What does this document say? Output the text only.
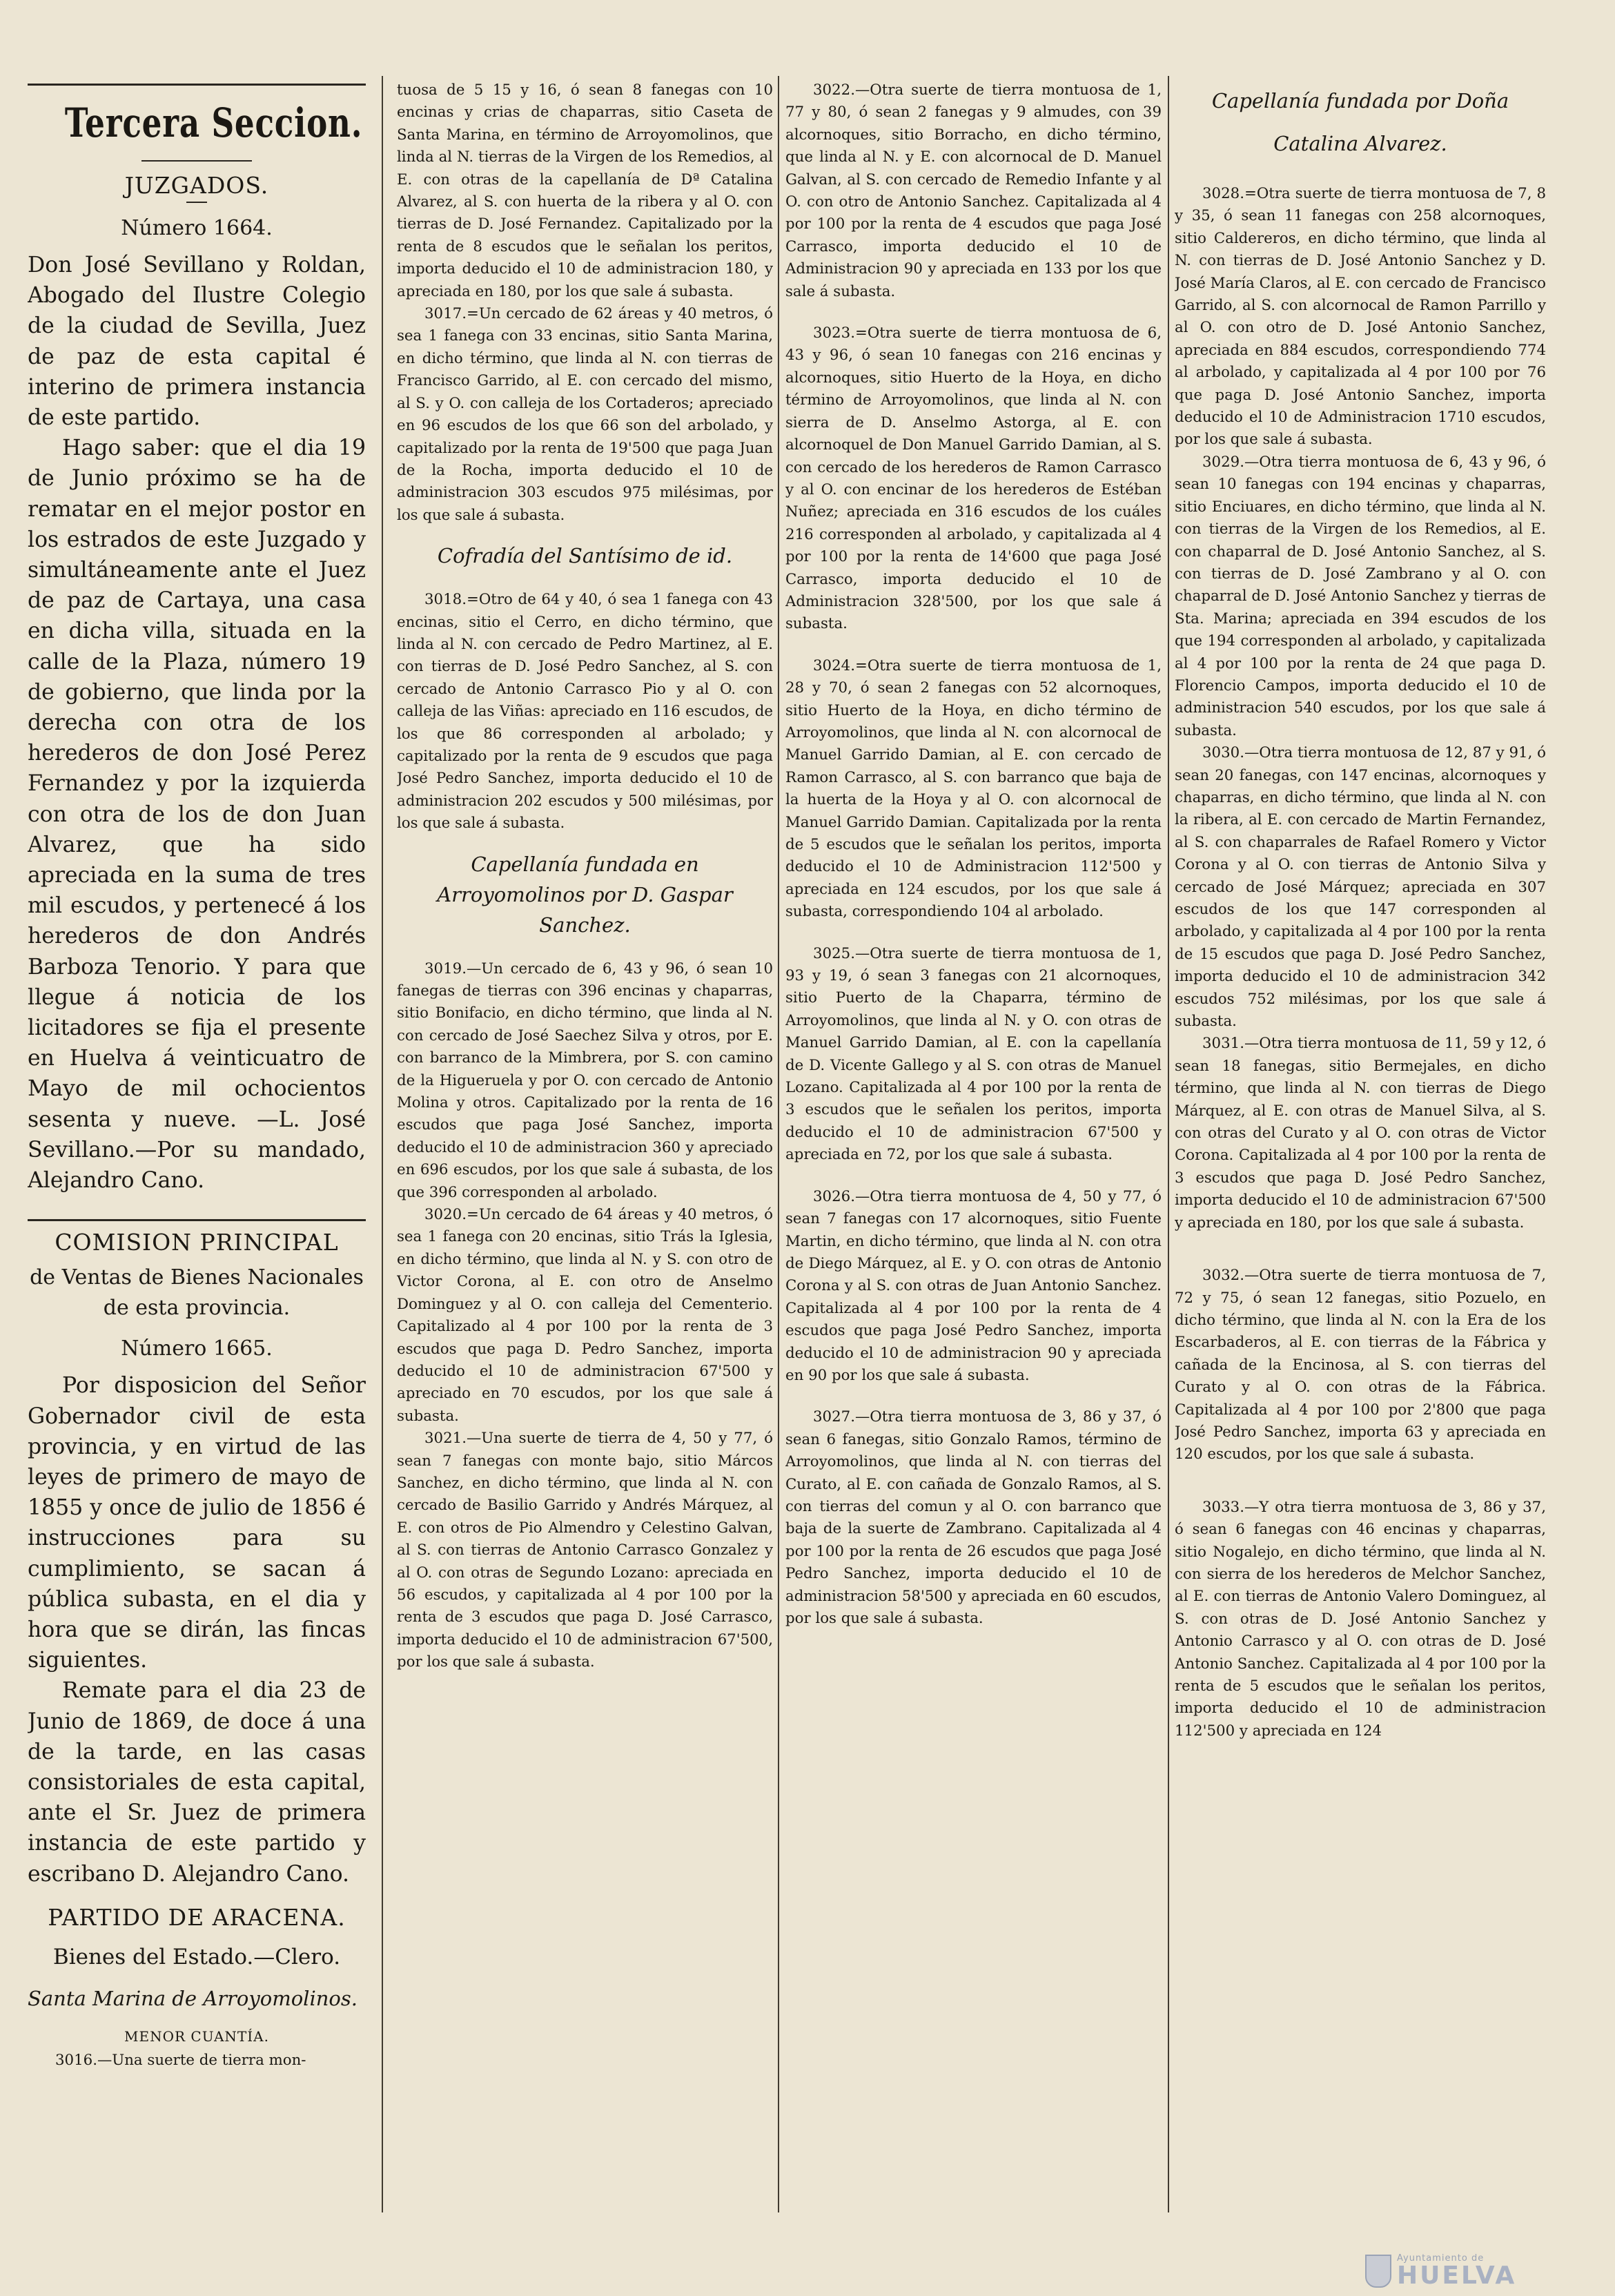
Tercera Seccion.

JUZGADOS.

Número 1664.

Don José Sevillano y Roldan, Abogado del Ilustre Colegio de la ciudad de Sevilla, Juez de paz de esta capital é interino de primera instancia de este partido.

Hago saber: que el dia 19 de Junio próximo se ha de rematar en el mejor postor en los estrados de este Juzgado y simultáneamente ante el Juez de paz de Cartaya, una casa en dicha villa, situada en la calle de la Plaza, número 19 de gobierno, que linda por la derecha con otra de los herederos de don José Perez Fernandez y por la izquierda con otra de los de don Juan Alvarez, que ha sido apreciada en la suma de tres mil escudos, y pertenecé á los herederos de don Andrés Barboza Tenorio. Y para que llegue á noticia de los licitadores se fija el presente en Huelva á veinticuatro de Mayo de mil ochocientos sesenta y nueve. —L. José Sevillano.—Por su mandado, Alejandro Cano.

COMISION PRINCIPAL

de Ventas de Bienes Nacionales de esta provincia.

Número 1665.

Por disposicion del Señor Gobernador civil de esta provincia, y en virtud de las leyes de primero de mayo de 1855 y once de julio de 1856 é instrucciones para su cumplimiento, se sacan á pública subasta, en el dia y hora que se dirán, las fincas siguientes.

Remate para el dia 23 de Junio de 1869, de doce á una de la tarde, en las casas consistoriales de esta capital, ante el Sr. Juez de primera instancia de este partido y escribano D. Alejandro Cano.

PARTIDO DE ARACENA.

Bienes del Estado.—Clero.

Santa Marina de Arroyomolinos.

MENOR CUANTÍA.

3016.—Una suerte de tierra mon-

tuosa de 5 15 y 16, ó sean 8 fanegas con 10 encinas y crias de chaparras, sitio Caseta de Santa Marina, en término de Arroyomolinos, que linda al N. tierras de la Virgen de los Remedios, al E. con otras de la capellanía de Dª Catalina Alvarez, al S. con huerta de la ribera y al O. con tierras de D. José Fernandez. Capitalizado por la renta de 8 escudos que le señalan los peritos, importa deducido el 10 de administracion 180, y apreciada en 180, por los que sale á subasta.

3017.=Un cercado de 62 áreas y 40 metros, ó sea 1 fanega con 33 encinas, sitio Santa Marina, en dicho término, que linda al N. con tierras de Francisco Garrido, al E. con cercado del mismo, al S. y O. con calleja de los Cortaderos; apreciado en 96 escudos de los que 66 son del arbolado, y capitalizado por la renta de 19'500 que paga Juan de la Rocha, importa deducido el 10 de administracion 303 escudos 975 milésimas, por los que sale á subasta.

Cofradía del Santísimo de id.

3018.=Otro de 64 y 40, ó sea 1 fanega con 43 encinas, sitio el Cerro, en dicho término, que linda al N. con cercado de Pedro Martinez, al E. con tierras de D. José Pedro Sanchez, al S. con cercado de Antonio Carrasco Pio y al O. con calleja de las Viñas: apreciado en 116 escudos, de los que 86 corresponden al arbolado; y capitalizado por la renta de 9 escudos que paga José Pedro Sanchez, importa deducido el 10 de administracion 202 escudos y 500 milésimas, por los que sale á subasta.

Capellanía fundada en Arroyomolinos por D. Gaspar Sanchez.

3019.—Un cercado de 6, 43 y 96, ó sean 10 fanegas de tierras con 396 encinas y chaparras, sitio Bonifacio, en dicho término, que linda al N. con cercado de José Saechez Silva y otros, por E. con barranco de la Mimbrera, por S. con camino de la Higueruela y por O. con cercado de Antonio Molina y otros. Capitalizado por la renta de 16 escudos que paga José Sanchez, importa deducido el 10 de administracion 360 y apreciado en 696 escudos, por los que sale á subasta, de los que 396 corresponden al arbolado.

3020.=Un cercado de 64 áreas y 40 metros, ó sea 1 fanega con 20 encinas, sitio Trás la Iglesia, en dicho término, que linda al N. y S. con otro de Victor Corona, al E. con otro de Anselmo Dominguez y al O. con calleja del Cementerio. Capitalizado al 4 por 100 por la renta de 3 escudos que paga D. Pedro Sanchez, importa deducido el 10 de administracion 67'500 y apreciado en 70 escudos, por los que sale á subasta.

3021.—Una suerte de tierra de 4, 50 y 77, ó sean 7 fanegas con monte bajo, sitio Márcos Sanchez, en dicho término, que linda al N. con cercado de Basilio Garrido y Andrés Márquez, al E. con otros de Pio Almendro y Celestino Galvan, al S. con tierras de Antonio Carrasco Gonzalez y al O. con otras de Segundo Lozano: apreciada en 56 escudos, y capitalizada al 4 por 100 por la renta de 3 escudos que paga D. José Carrasco, importa deducido el 10 de administracion 67'500, por los que sale á subasta.

3022.—Otra suerte de tierra montuosa de 1, 77 y 80, ó sean 2 fanegas y 9 almudes, con 39 alcornoques, sitio Borracho, en dicho término, que linda al N. y E. con alcornocal de D. Manuel Galvan, al S. con cercado de Remedio Infante y al O. con otro de Antonio Sanchez. Capitalizada al 4 por 100 por la renta de 4 escudos que paga José Carrasco, importa deducido el 10 de Administracion 90 y apreciada en 133 por los que sale á subasta.

3023.=Otra suerte de tierra montuosa de 6, 43 y 96, ó sean 10 fanegas con 216 encinas y alcornoques, sitio Huerto de la Hoya, en dicho término de Arroyomolinos, que linda al N. con sierra de D. Anselmo Astorga, al E. con alcornoquel de Don Manuel Garrido Damian, al S. con cercado de los herederos de Ramon Carrasco y al O. con encinar de los herederos de Estéban Nuñez; apreciada en 316 escudos de los cuáles 216 corresponden al arbolado, y capitalizada al 4 por 100 por la renta de 14'600 que paga José Carrasco, importa deducido el 10 de Administracion 328'500, por los que sale á subasta.

3024.=Otra suerte de tierra montuosa de 1, 28 y 70, ó sean 2 fanegas con 52 alcornoques, sitio Huerto de la Hoya, en dicho término de Arroyomolinos, que linda al N. con alcornocal de Manuel Garrido Damian, al E. con cercado de Ramon Carrasco, al S. con barranco que baja de la huerta de la Hoya y al O. con alcornocal de Manuel Garrido Damian. Capitalizada por la renta de 5 escudos que le señalan los peritos, importa deducido el 10 de Administracion 112'500 y apreciada en 124 escudos, por los que sale á subasta, correspondiendo 104 al arbolado.

3025.—Otra suerte de tierra montuosa de 1, 93 y 19, ó sean 3 fanegas con 21 alcornoques, sitio Puerto de la Chaparra, término de Arroyomolinos, que linda al N. y O. con otras de Manuel Garrido Damian, al E. con la capellanía de D. Vicente Gallego y al S. con otras de Manuel Lozano. Capitalizada al 4 por 100 por la renta de 3 escudos que le señalen los peritos, importa deducido el 10 de administracion 67'500 y apreciada en 72, por los que sale á subasta.

3026.—Otra tierra montuosa de 4, 50 y 77, ó sean 7 fanegas con 17 alcornoques, sitio Fuente Martin, en dicho término, que linda al N. con otra de Diego Márquez, al E. y O. con otras de Antonio Corona y al S. con otras de Juan Antonio Sanchez. Capitalizada al 4 por 100 por la renta de 4 escudos que paga José Pedro Sanchez, importa deducido el 10 de administracion 90 y apreciada en 90 por los que sale á subasta.

3027.—Otra tierra montuosa de 3, 86 y 37, ó sean 6 fanegas, sitio Gonzalo Ramos, término de Arroyomolinos, que linda al N. con tierras del Curato, al E. con cañada de Gonzalo Ramos, al S. con tierras del comun y al O. con barranco que baja de la suerte de Zambrano. Capitalizada al 4 por 100 por la renta de 26 escudos que paga José Pedro Sanchez, importa deducido el 10 de administracion 58'500 y apreciada en 60 escudos, por los que sale á subasta.

Capellanía fundada por Doña Catalina Alvarez.

3028.=Otra suerte de tierra montuosa de 7, 8 y 35, ó sean 11 fanegas con 258 alcornoques, sitio Caldereros, en dicho término, que linda al N. con tierras de D. José Antonio Sanchez y D. José María Claros, al E. con cercado de Francisco Garrido, al S. con alcornocal de Ramon Parrillo y al O. con otro de D. José Antonio Sanchez, apreciada en 884 escudos, correspondiendo 774 al arbolado, y capitalizada al 4 por 100 por 76 que paga D. José Antonio Sanchez, importa deducido el 10 de Administracion 1710 escudos, por los que sale á subasta.

3029.—Otra tierra montuosa de 6, 43 y 96, ó sean 10 fanegas con 194 encinas y chaparras, sitio Enciuares, en dicho término, que linda al N. con tierras de la Virgen de los Remedios, al E. con chaparral de D. José Antonio Sanchez, al S. con tierras de D. José Zambrano y al O. con chaparral de D. José Antonio Sanchez y tierras de Sta. Marina; apreciada en 394 escudos de los que 194 corresponden al arbolado, y capitalizada al 4 por 100 por la renta de 24 que paga D. Florencio Campos, importa deducido el 10 de administracion 540 escudos, por los que sale á subasta.

3030.—Otra tierra montuosa de 12, 87 y 91, ó sean 20 fanegas, con 147 encinas, alcornoques y chaparras, en dicho término, que linda al N. con la ribera, al E. con cercado de Martin Fernandez, al S. con chaparrales de Rafael Romero y Victor Corona y al O. con tierras de Antonio Silva y cercado de José Márquez; apreciada en 307 escudos de los que 147 corresponden al arbolado, y capitalizada al 4 por 100 por la renta de 15 escudos que paga D. José Pedro Sanchez, importa deducido el 10 de administracion 342 escudos 752 milésimas, por los que sale á subasta.

3031.—Otra tierra montuosa de 11, 59 y 12, ó sean 18 fanegas, sitio Bermejales, en dicho término, que linda al N. con tierras de Diego Márquez, al E. con otras de Manuel Silva, al S. con otras del Curato y al O. con otras de Victor Corona. Capitalizada al 4 por 100 por la renta de 3 escudos que paga D. José Pedro Sanchez, importa deducido el 10 de administracion 67'500 y apreciada en 180, por los que sale á subasta.

3032.—Otra suerte de tierra montuosa de 7, 72 y 75, ó sean 12 fanegas, sitio Pozuelo, en dicho término, que linda al N. con la Era de los Escarbaderos, al E. con tierras de la Fábrica y cañada de la Encinosa, al S. con tierras del Curato y al O. con otras de la Fábrica. Capitalizada al 4 por 100 por 2'800 que paga José Pedro Sanchez, importa 63 y apreciada en 120 escudos, por los que sale á subasta.

3033.—Y otra tierra montuosa de 3, 86 y 37, ó sean 6 fanegas con 46 encinas y chaparras, sitio Nogalejo, en dicho término, que linda al N. con sierra de los herederos de Melchor Sanchez, al E. con tierras de Antonio Valero Dominguez, al S. con otras de D. José Antonio Sanchez y Antonio Carrasco y al O. con otras de D. José Antonio Sanchez. Capitalizada al 4 por 100 por la renta de 5 escudos que le señalan los peritos, importa deducido el 10 de administracion 112'500 y apreciada en 124

Ayuntamiento de
HUELVA
